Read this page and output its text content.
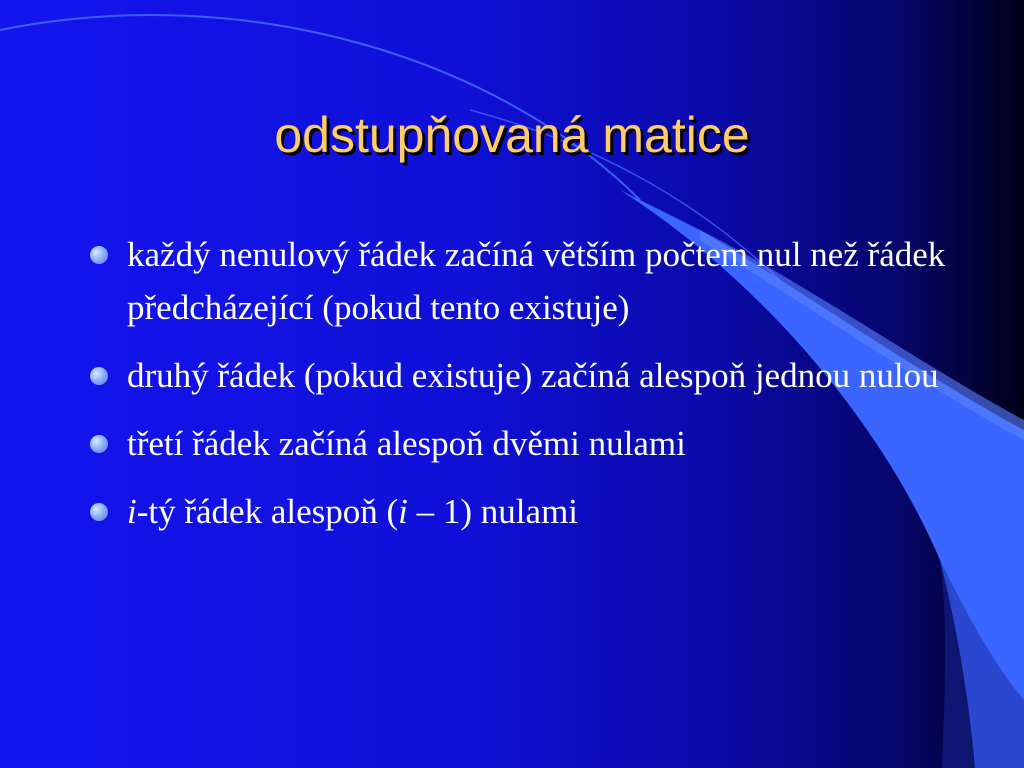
odstupňovaná matice
každý nenulový řádek začíná větším počtem nul než řádek předcházející (pokud tento existuje)
druhý řádek (pokud existuje) začíná alespoň jednou nulou
třetí řádek začíná alespoň dvěmi nulami
i-tý řádek alespoň (i – 1) nulami
